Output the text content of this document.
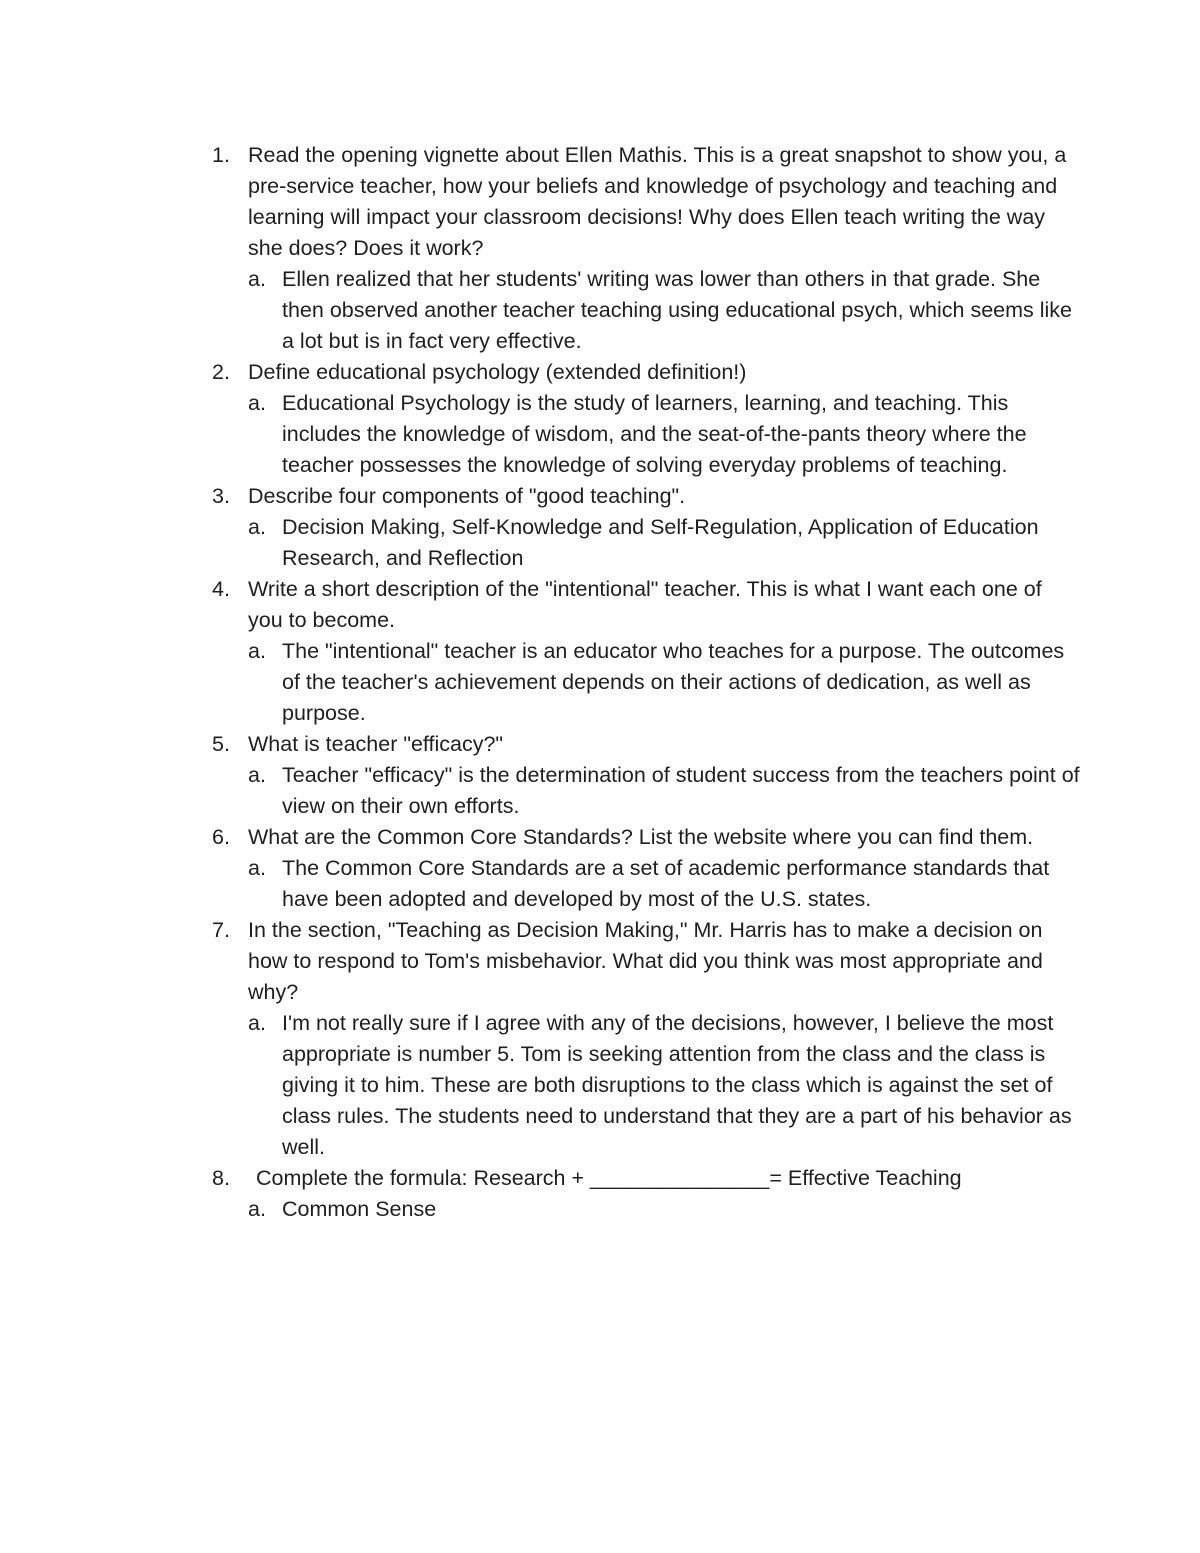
1. Read the opening vignette about Ellen Mathis. This is a great snapshot to show you, a pre-service teacher, how your beliefs and knowledge of psychology and teaching and learning will impact your classroom decisions! Why does Ellen teach writing the way she does? Does it work?
a. Ellen realized that her students' writing was lower than others in that grade. She then observed another teacher teaching using educational psych, which seems like a lot but is in fact very effective.
2. Define educational psychology (extended definition!)
a. Educational Psychology is the study of learners, learning, and teaching. This includes the knowledge of wisdom, and the seat-of-the-pants theory where the teacher possesses the knowledge of solving everyday problems of teaching.
3. Describe four components of "good teaching".
a. Decision Making, Self-Knowledge and Self-Regulation, Application of Education Research, and Reflection
4. Write a short description of the "intentional" teacher. This is what I want each one of you to become.
a. The "intentional" teacher is an educator who teaches for a purpose. The outcomes of the teacher's achievement depends on their actions of dedication, as well as purpose.
5. What is teacher "efficacy?"
a. Teacher "efficacy" is the determination of student success from the teachers point of view on their own efforts.
6. What are the Common Core Standards? List the website where you can find them.
a. The Common Core Standards are a set of academic performance standards that have been adopted and developed by most of the U.S. states.
7. In the section, "Teaching as Decision Making," Mr. Harris has to make a decision on how to respond to Tom's misbehavior. What did you think was most appropriate and why?
a. I'm not really sure if I agree with any of the decisions, however, I believe the most appropriate is number 5. Tom is seeking attention from the class and the class is giving it to him. These are both disruptions to the class which is against the set of class rules. The students need to understand that they are a part of his behavior as well.
8.	Complete the formula: Research + _______________= Effective Teaching
a. Common Sense
